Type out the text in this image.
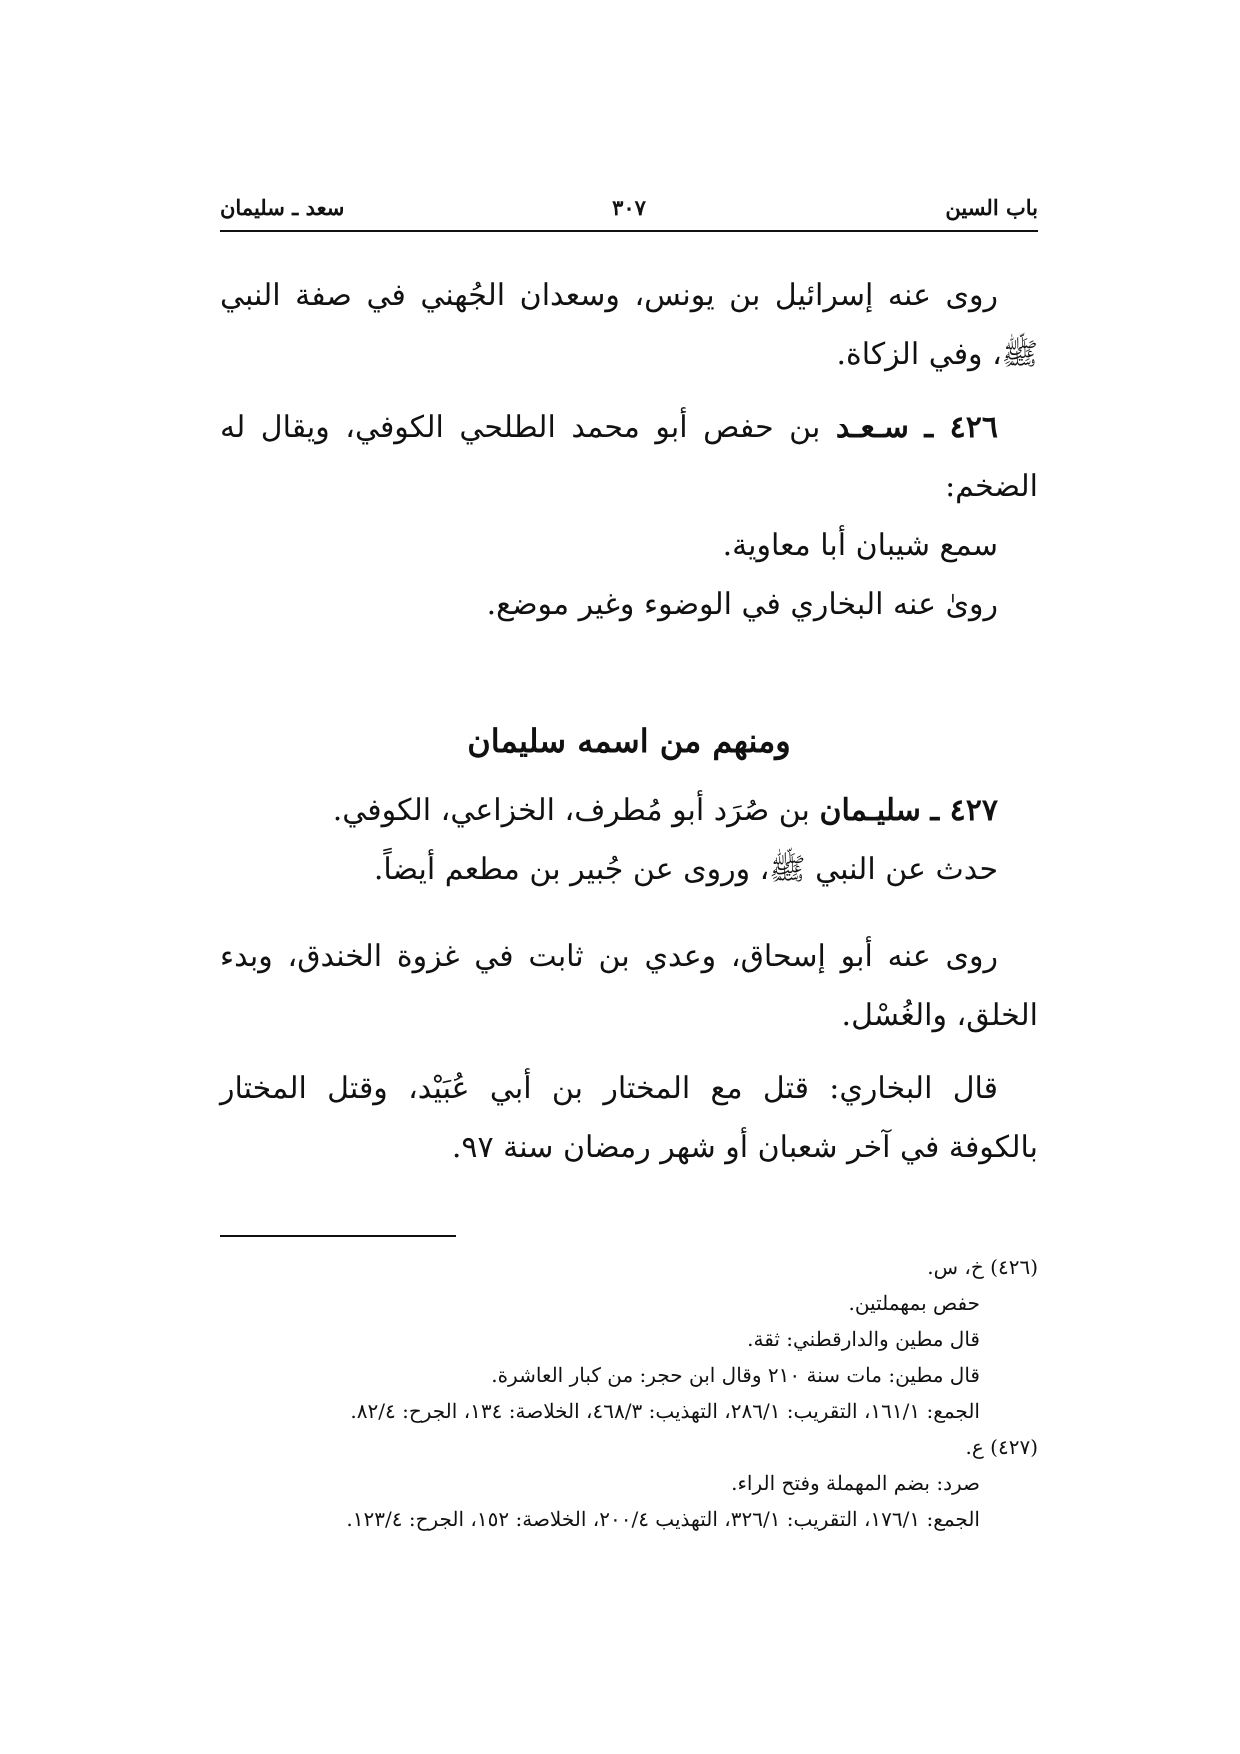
باب السين
٣٠٧
سعد ـ سليمان

روى عنه إسرائيل بن يونس، وسعدان الجُهني في صفة النبي ﷺ، وفي الزكاة.

٤٢٦ ـ سـعـد بن حفص أبو محمد الطلحي الكوفي، ويقال له الضخم:

سمع شيبان أبا معاوية.

روىٰ عنه البخاري في الوضوء وغير موضع.

ومنهم من اسمه سليمان

٤٢٧ ـ سليـمان بن صُرَد أبو مُطرف، الخزاعي، الكوفي.

حدث عن النبي ﷺ، وروى عن جُبير بن مطعم أيضاً.

روى عنه أبو إسحاق، وعدي بن ثابت في غزوة الخندق، وبدء الخلق، والغُسْل.

قال البخاري: قتل مع المختار بن أبي عُبَيْد، وقتل المختار بالكوفة في آخر شعبان أو شهر رمضان سنة ٩٧.

(٤٢٦) خ، س.

حفص بمهملتين.

قال مطين والدارقطني: ثقة.

قال مطين: مات سنة ٢١٠ وقال ابن حجر: من كبار العاشرة.

الجمع: ١٦١/١، التقريب: ٢٨٦/١، التهذيب: ٤٦٨/٣، الخلاصة: ١٣٤، الجرح: ٨٢/٤.

(٤٢٧) ع.

صرد: بضم المهملة وفتح الراء.

الجمع: ١٧٦/١، التقريب: ٣٢٦/١، التهذيب ٢٠٠/٤، الخلاصة: ١٥٢، الجرح: ١٢٣/٤.
